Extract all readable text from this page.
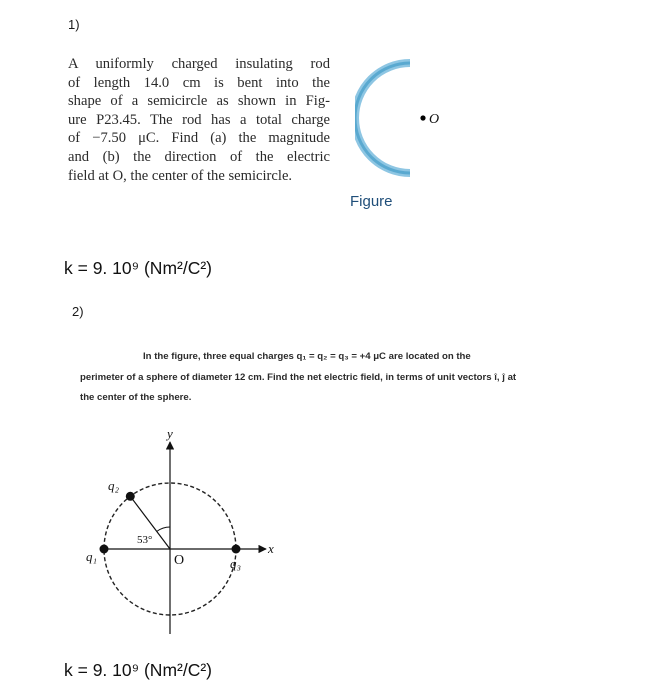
1)
A uniformly charged insulating rod
of length 14.0 cm is bent into the
shape of a semicircle as shown in Fig-
ure P23.45. The rod has a total charge
of −7.50 μC. Find (a) the magnitude
and (b) the direction of the electric
field at O, the center of the semicircle.
O
Figure
k = 9. 10⁹ (Nm²/C²)
2)
In the figure, three equal charges q₁ = q₂ = q₃ = +4 μC are located on the
perimeter of a sphere of diameter 12 cm. Find the net electric field, in terms of unit vectors î, ĵ at
the center of the sphere.
y
x
53°
q₁
q₂
q₃
O
k = 9. 10⁹ (Nm²/C²)
